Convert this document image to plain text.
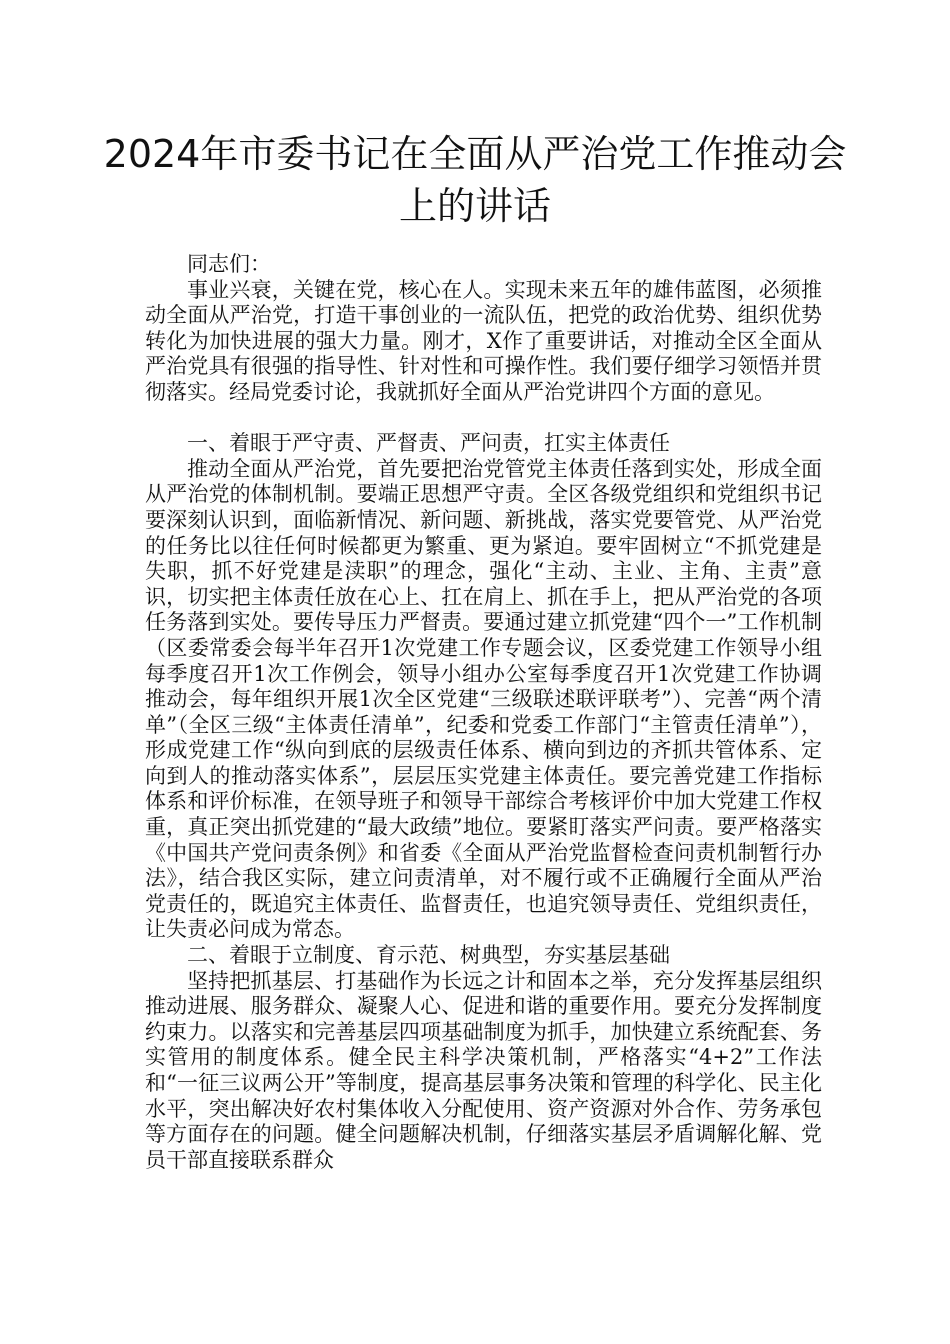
2024年市委书记在全面从严治党工作推动会上的讲话

同志们：

事业兴衰，关键在党，核心在人。实现未来五年的雄伟蓝图，必须推动全面从严治党，打造干事创业的一流队伍，把党的政治优势、组织优势转化为加快进展的强大力量。刚才，X作了重要讲话，对推动全区全面从严治党具有很强的指导性、针对性和可操作性。我们要仔细学习领悟并贯彻落实。经局党委讨论，我就抓好全面从严治党讲四个方面的意见。

一、着眼于严守责、严督责、严问责，扛实主体责任

推动全面从严治党，首先要把治党管党主体责任落到实处，形成全面从严治党的体制机制。要端正思想严守责。全区各级党组织和党组织书记要深刻认识到，面临新情况、新问题、新挑战，落实党要管党、从严治党的任务比以往任何时候都更为繁重、更为紧迫。要牢固树立“不抓党建是失职，抓不好党建是渎职”的理念，强化“主动、主业、主角、主责”意识，切实把主体责任放在心上、扛在肩上、抓在手上，把从严治党的各项任务落到实处。要传导压力严督责。要通过建立抓党建“四个一”工作机制（区委常委会每半年召开1次党建工作专题会议，区委党建工作领导小组每季度召开1次工作例会，领导小组办公室每季度召开1次党建工作协调推动会，每年组织开展1次全区党建“三级联述联评联考”）、完善“两个清单”（全区三级“主体责任清单”，纪委和党委工作部门“主管责任清单”），形成党建工作“纵向到底的层级责任体系、横向到边的齐抓共管体系、定向到人的推动落实体系”，层层压实党建主体责任。要完善党建工作指标体系和评价标准，在领导班子和领导干部综合考核评价中加大党建工作权重，真正突出抓党建的“最大政绩”地位。要紧盯落实严问责。要严格落实《中国共产党问责条例》和省委《全面从严治党监督检查问责机制暂行办法》，结合我区实际，建立问责清单，对不履行或不正确履行全面从严治党责任的，既追究主体责任、监督责任，也追究领导责任、党组织责任，让失责必问成为常态。

二、着眼于立制度、育示范、树典型，夯实基层基础

坚持把抓基层、打基础作为长远之计和固本之举，充分发挥基层组织推动进展、服务群众、凝聚人心、促进和谐的重要作用。要充分发挥制度约束力。以落实和完善基层四项基础制度为抓手，加快建立系统配套、务实管用的制度体系。健全民主科学决策机制，严格落实“4+2”工作法和“一征三议两公开”等制度，提高基层事务决策和管理的科学化、民主化水平，突出解决好农村集体收入分配使用、资产资源对外合作、劳务承包等方面存在的问题。健全问题解决机制，仔细落实基层矛盾调解化解、党员干部直接联系群众
